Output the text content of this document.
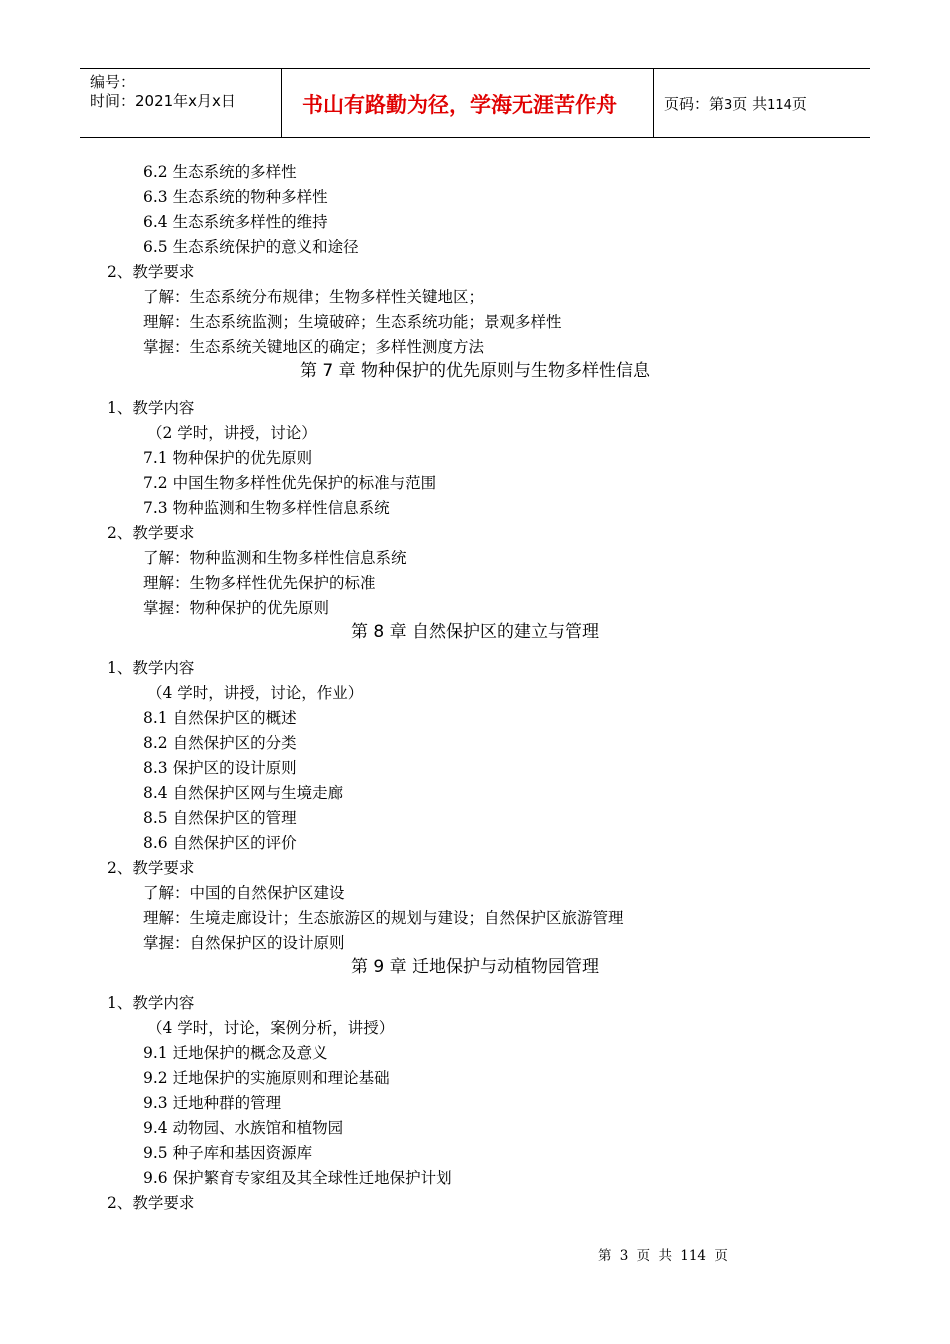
编号：
时间：2021年x月x日	书山有路勤为径，学海无涯苦作舟	页码：第3页 共114页
6.2 生态系统的多样性
6.3 生态系统的物种多样性
6.4 生态系统多样性的维持
6.5 生态系统保护的意义和途径
2、教学要求
了解：生态系统分布规律；生物多样性关键地区；
理解：生态系统监测；生境破碎；生态系统功能；景观多样性
掌握：生态系统关键地区的确定；多样性测度方法
第 7 章 物种保护的优先原则与生物多样性信息
1、教学内容
（2 学时，讲授，讨论）
7.1 物种保护的优先原则
7.2 中国生物多样性优先保护的标准与范围
7.3 物种监测和生物多样性信息系统
2、教学要求
了解：物种监测和生物多样性信息系统
理解：生物多样性优先保护的标准
掌握：物种保护的优先原则
第 8 章 自然保护区的建立与管理
1、教学内容
（4 学时，讲授，讨论，作业）
8.1 自然保护区的概述
8.2 自然保护区的分类
8.3 保护区的设计原则
8.4 自然保护区网与生境走廊
8.5 自然保护区的管理
8.6 自然保护区的评价
2、教学要求
了解：中国的自然保护区建设
理解：生境走廊设计；生态旅游区的规划与建设；自然保护区旅游管理
掌握：自然保护区的设计原则
第 9 章 迁地保护与动植物园管理
1、教学内容
（4 学时，讨论，案例分析，讲授）
9.1 迁地保护的概念及意义
9.2 迁地保护的实施原则和理论基础
9.3 迁地种群的管理
9.4 动物园、水族馆和植物园
9.5 种子库和基因资源库
9.6 保护繁育专家组及其全球性迁地保护计划
2、教学要求
第 3 页 共 114 页
